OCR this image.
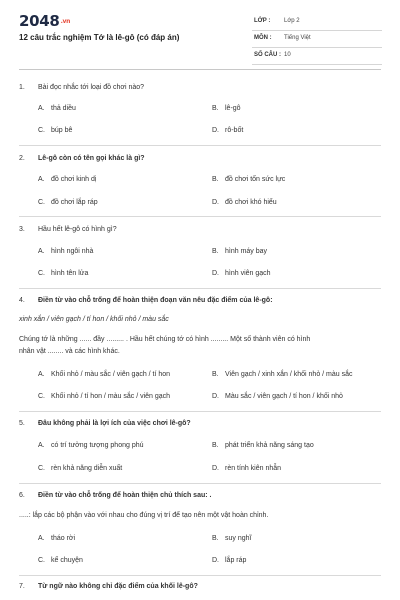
2048.vn
12 câu trắc nghiệm Tớ là lê-gô (có đáp án)
LỚP : Lớp 2
MÔN : Tiếng Việt
SỐ CÂU : 10
1. Bài đọc nhắc tới loại đồ chơi nào?
A. thả diều	B. lê-gô
C. búp bê	D. rô-bốt
2. Lê-gô còn có tên gọi khác là gì?
A. đồ chơi kinh dị	B. đồ chơi tốn sức lực
C. đồ chơi lắp ráp	D. đồ chơi khó hiểu
3. Hầu hết lê-gô có hình gì?
A. hình ngôi nhà	B. hình máy bay
C. hình tên lửa	D. hình viên gạch
4. Điền từ vào chỗ trống để hoàn thiện đoạn văn nêu đặc điểm của lê-gô:
xinh xắn / viên gạch / tí hon / khối nhỏ / màu sắc
Chúng tớ là những ...... đầy ......... . Hầu hết chúng tớ có hình ......... Một số thành viên có hình
nhân vật ........ và các hình khác.
A. Khối nhỏ / màu sắc / viên gạch / tí hon	B. Viên gạch / xinh xắn / khối nhỏ / màu sắc
C. Khối nhỏ / tí hon / màu sắc / viên gạch	D. Màu sắc / viên gạch / tí hon / khối nhỏ
5. Đâu không phải là lợi ích của việc chơi lê-gô?
A. có trí tưởng tượng phong phú	B. phát triển khả năng sáng tạo
C. rèn khả năng diễn xuất	D. rèn tính kiên nhẫn
6. Điền từ vào chỗ trống để hoàn thiện chủ thích sau: .
.....: lắp các bộ phận vào với nhau cho đúng vị trí để tạo nên một vật hoàn chỉnh.
A. tháo rời	B. suy nghĩ
C. kể chuyện	D. lắp ráp
7. Từ ngữ nào không chỉ đặc điểm của khối lê-gô?
